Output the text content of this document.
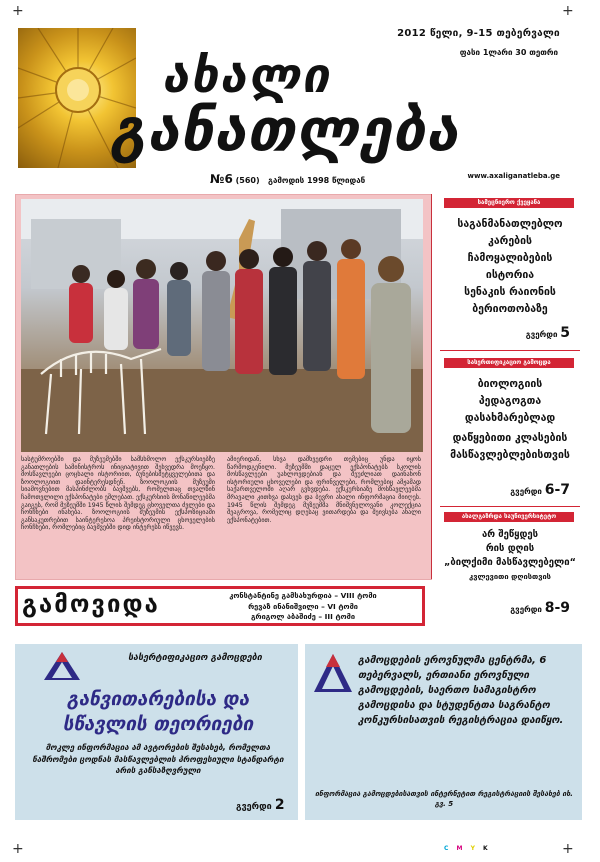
+	+
+	+
2012 წელი, 9-15 თებერვალი
ფასი 1ლარი 30 თეთრი
ახალი
განათლება
№6 (560) გამოდის 1998 წლიდან	www.axaliganatleba.ge
სასტუმროებში და მუზეუმებში სამსხმოლო ექსკურსიებზე განათლების სამინისტროს ინიციატივით შეხვედრა მოეწყო. მოსწავლეები ცოცხალი ისტორიით, ბუნებისმეტყველებითა და ზოოლოგიით დაინტერესდნენ. ზოოლოგიის მუზეუმი სიამოვნებით მასპინძლობს ბავშვებს, რომელთაც თვალწინ ჩამოთვლილი ექსპონატები ეშლებათ. ექსკურსიის მონაწილეებმა გაიგეს, რომ მუზეუმში 1945 წლის შემდეგ ცხოველთა ძვლები და ჩონჩხები ინახება. ზოოლოგიის მუზეუმის ექსპოზიციაში განსაკუთრებით საინტერესოა პრეისტორიული ცხოველების ჩონჩხები, რომლებიც ბავშვებში დიდ ინტერესს იწვევს.
ამიერიდან, სხვა დამხვედრი თემებიც უნდა იყოს წარმოდგენილი. მუზეუმში დაცულ ექსპონატებს სკოლის მოსწავლეები უახლოვდებიან და შეუძლიათ დაინახონ ისტორიული ცხოველები და ფრინველები, რომლებიც ამჟამად საქართველოში აღარ გვხვდება. ექსკურსიაზე მოსწავლეებმა მრავალი კითხვა დასვეს და ბევრი ახალი ინფორმაცია მიიღეს. 1945 წლის შემდეგ მუზეუმმა მნიშვნელოვანი კოლექცია შეაგროვა, რომელიც დღესაც ვითარდება და შეივსება ახალი ექსპონატებით.
სამეცნიერო ქვეყანა
საგანმანათლებლო
კარების
ჩამოყალიბების
ისტორია
სენაკის რაიონის
ბერიოთობაზე
გვერდი 5
სასერთიფიკაციო გამოცდა
ბიოლოგიის
პედაგოგთა
დასახმარებლად
დაწყებითი კლასების
მასწავლებლებისთვის
გვერდი 6-7
ახალგაზრდა საუნივერსიტეტო მხარდამეხი
არ შეწყდეს
რის დღის
„ბილქიმი მასწავლებელი“
კვლევითი დღისთვის
გვერდი 8-9
გამოვიდა	კონსტანტინე გამსახურდია – VIII ტომი
რევაზ ინანიშვილი – VI ტომი
გრიგოლ აბაშიძე – III ტომი
სასერტიფიკაციო გამოცდები
განვითარებისა და სწავლის თეორიები
მოკლე ინფორმაცია ამ ავტორების შესახებ, რომელთა ნაშრომები ცოდნას მასწავლებლის პროფესიული სტანდარტი არის განსაზღვრული
გვერდი 2
გამოცდების ეროვნულმა ცენტრმა, 6 თებერვალს, ერთიანი ეროვნული გამოცდების, საერთო სამაგისტრო გამოცდისა და სტუდენტთა საგრანტო კონკურსისათვის რეგისტრაცია დაიწყო.
ინფორმაცია გამოცდებისათვის ინტერნეტით რეგისტრაციის შესახებ იხ. გვ. 5
C M Y K
